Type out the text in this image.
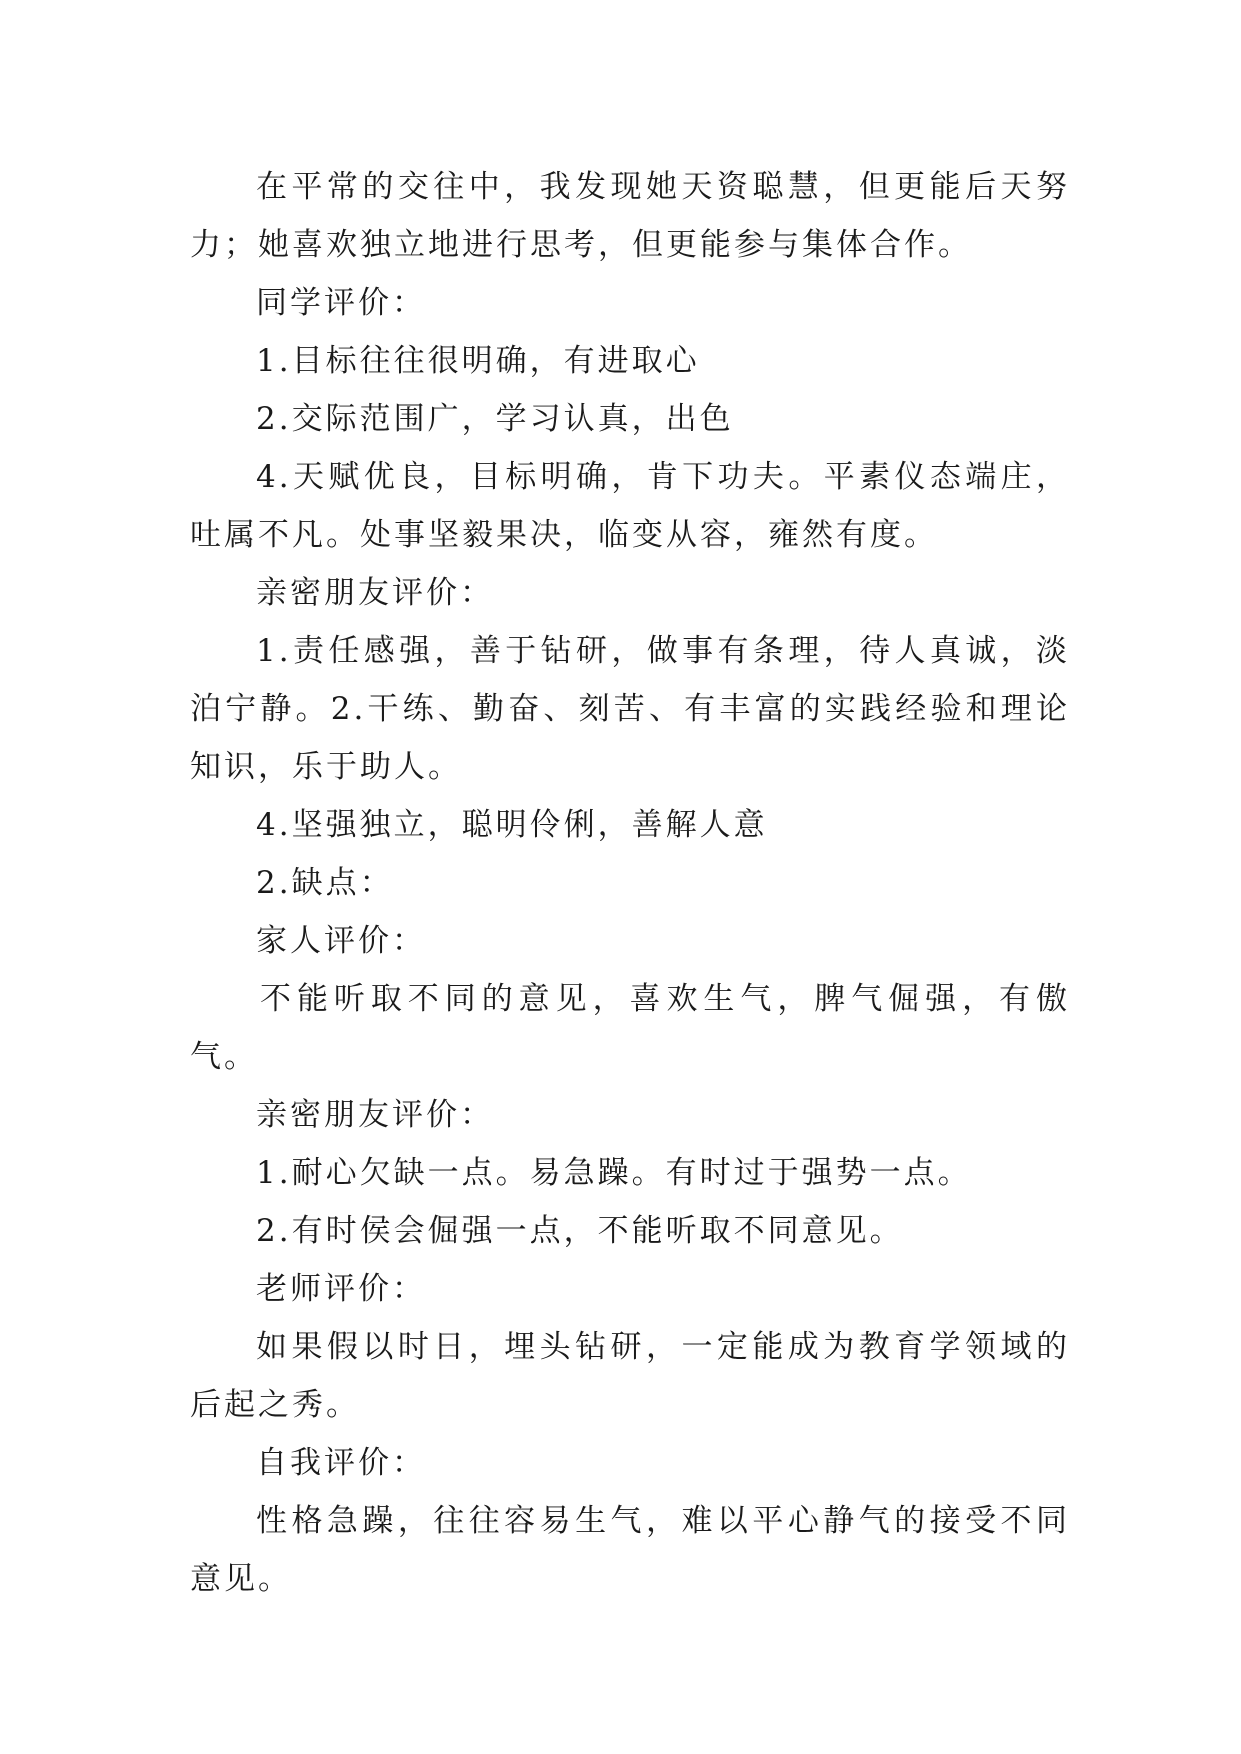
在平常的交往中，我发现她天资聪慧，但更能后天努力；她喜欢独立地进行思考，但更能参与集体合作。

同学评价：

1.目标往往很明确，有进取心

2.交际范围广，学习认真，出色

4.天赋优良，目标明确，肯下功夫。平素仪态端庄，吐属不凡。处事坚毅果决，临变从容，雍然有度。

亲密朋友评价：

1.责任感强，善于钻研，做事有条理，待人真诚，淡泊宁静。2.干练、勤奋、刻苦、有丰富的实践经验和理论知识，乐于助人。

4.坚强独立，聪明伶俐，善解人意

2.缺点：

家人评价：

不能听取不同的意见，喜欢生气，脾气倔强，有傲气。

亲密朋友评价：

1.耐心欠缺一点。易急躁。有时过于强势一点。

2.有时侯会倔强一点，不能听取不同意见。

老师评价：

如果假以时日，埋头钻研，一定能成为教育学领域的后起之秀。

自我评价：

性格急躁，往往容易生气，难以平心静气的接受不同意见。
